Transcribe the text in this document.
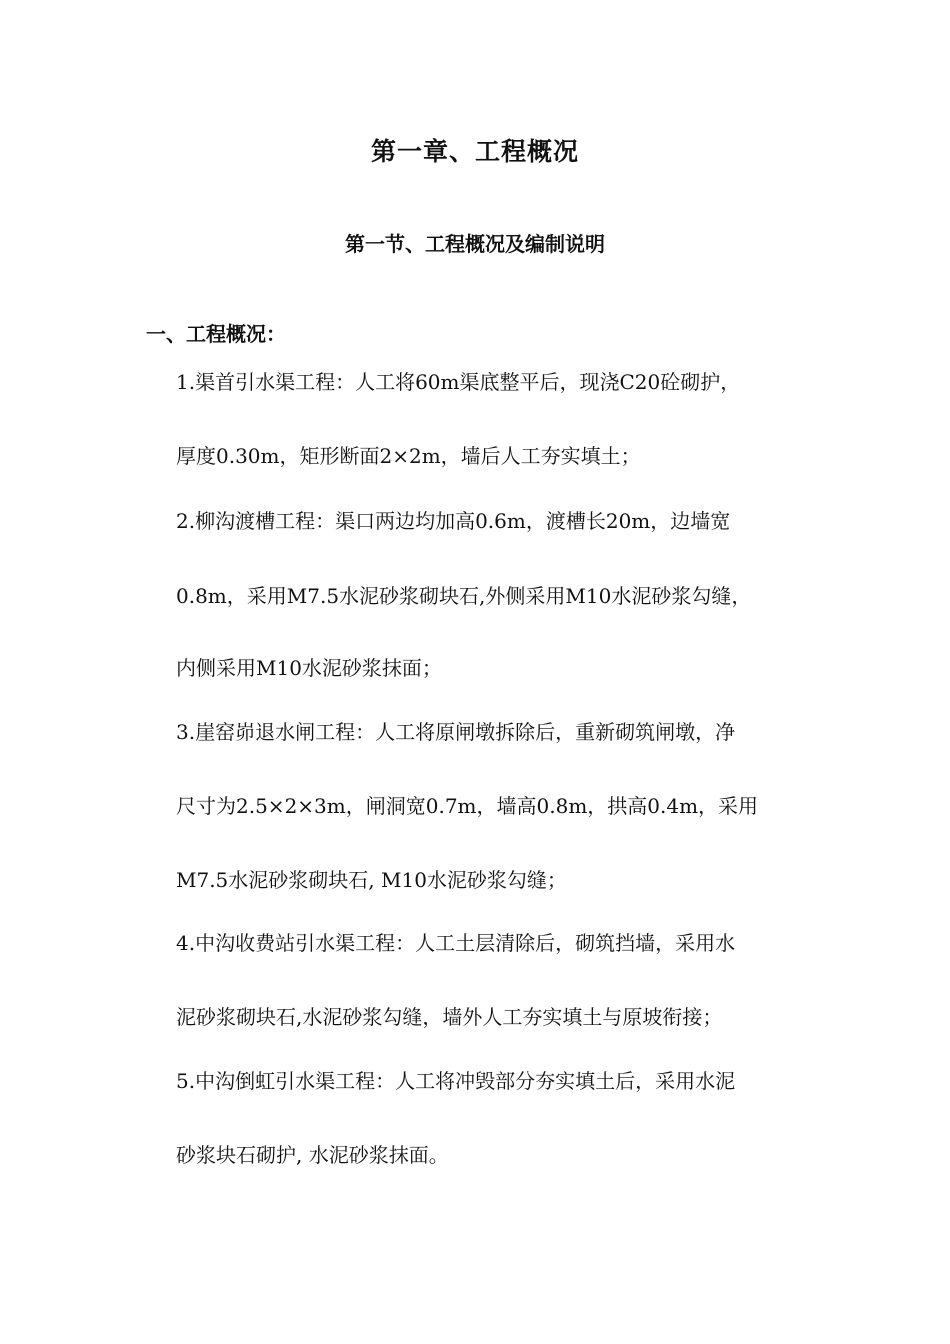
第一章、工程概况
第一节、工程概况及编制说明
一、工程概况：
1.渠首引水渠工程：人工将60m渠底整平后，现浇C20砼砌护，
厚度0.30m，矩形断面2×2m，墙后人工夯实填土；
2.柳沟渡槽工程：渠口两边均加高0.6m，渡槽长20m，边墙宽
0.8m，采用M7.5水泥砂浆砌块石,外侧采用M10水泥砂浆勾缝，
内侧采用M10水泥砂浆抹面；
3.崖窑峁退水闸工程：人工将原闸墩拆除后，重新砌筑闸墩，净
尺寸为2.5×2×3m，闸洞宽0.7m，墙高0.8m，拱高0.4m，采用
M7.5水泥砂浆砌块石, M10水泥砂浆勾缝；
4.中沟收费站引水渠工程：人工土层清除后，砌筑挡墙，采用水
泥砂浆砌块石,水泥砂浆勾缝，墙外人工夯实填土与原坡衔接；
5.中沟倒虹引水渠工程：人工将冲毁部分夯实填土后，采用水泥
砂浆块石砌护, 水泥砂浆抹面。
